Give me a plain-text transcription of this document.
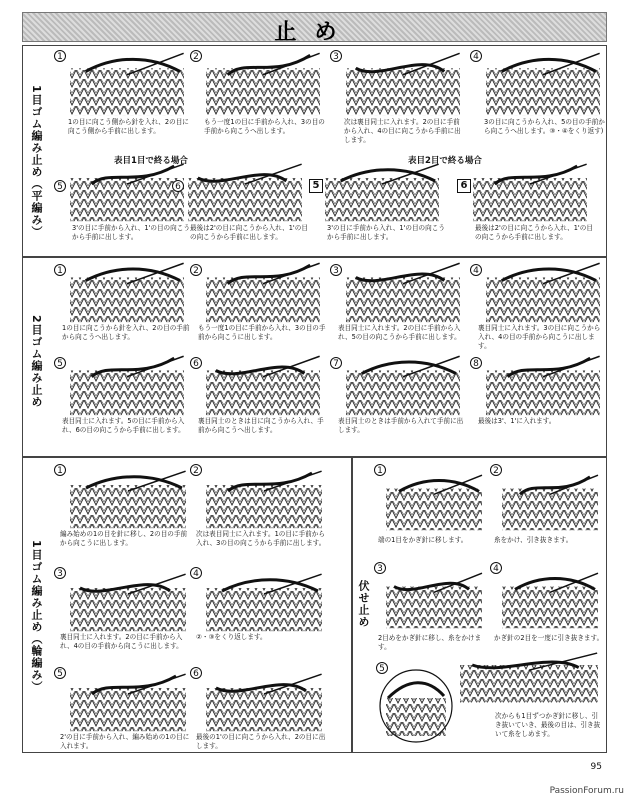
止め
1目ゴム編み止め（平編み）
2目ゴム編み止め
1目ゴム編み止め（輪編み）	伏せ止め
表目1目で終る場合	表目2目で終る場合
95
PassionForum.ru
1
1の目に向こう側から針を入れ、2の目に向こう側から手前に出します。
2
もう一度1の目に手前から入れ、3の目の手前から向こうへ出します。
3
次は裏目同士に入れます。2の目に手前から入れ、4の目に向こうから手前に出します。
4
3の目に向こうから入れ、5の目の手前から向こうへ出します。③・④をくり返す)
5
3'の目に手前から入れ、1'の目の向こうから手前に出します。
6
最後は2'の目に向こうから入れ、1'の目の向こうから手前に出します。
5
3'の目に手前から入れ、1'の目の向こうから手前に出します。
6
最後は2'の目に向こうから入れ、1'の目の向こうから手前に出します。
1
1の目に向こうから針を入れ、2の目の手前から向こうへ出します。
2
もう一度1の目に手前から入れ、3の目の手前から向こうに出します。
3
表目同士に入れます。2の目に手前から入れ、5の目の向こうから手前に出します。
4
裏目同士に入れます。3の目に向こうから入れ、4の目の手前から向こうに出します。
5
表目同士に入れます。5の目に手前から入れ、6の目の向こうから手前に出します。
6
裏目同士のときは目に向こうから入れ、手前から向こうへ出します。
7
表目同士のときは手前から入れて手前に出します。
8
最後は3'、1'に入れます。
1
編み始めの1の目を針に移し、2の目の手前から向こうに出します。
2
次は表目同士に入れます。1の目に手前から入れ、3の目の向こうから手前に出します。
3
裏目同士に入れます。2の目に手前から入れ、4の目の手前から向こうに出します。
4
②・③をくり返します。
5
2'の目に手前から入れ、編み始めの1の目に入れます。
6
最後の1'の目に向こうから入れ、2の目に出します。
1
端の1目をかぎ針に移します。
2
糸をかけ、引き抜きます。
3
2目めをかぎ針に移し、糸をかけます。
4
かぎ針の2目を一度に引き抜きます。
5
次からも1目ずつかぎ針に移し、引き抜いていき、最後の目は、引き抜いて糸をしめます。
